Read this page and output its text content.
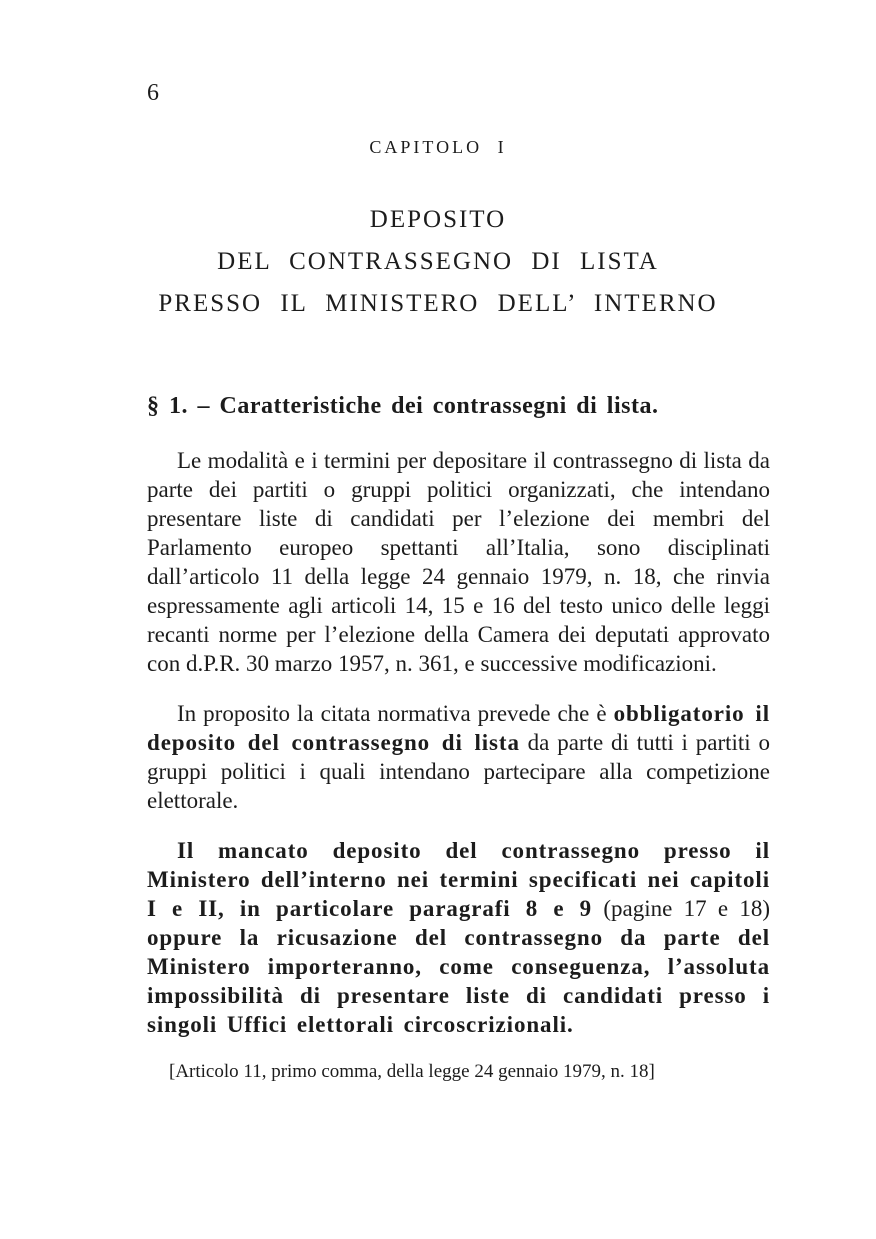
6
CAPITOLO I
DEPOSITO
DEL CONTRASSEGNO DI LISTA
PRESSO IL MINISTERO DELL’ INTERNO
§ 1. – Caratteristiche dei contrassegni di lista.

Le modalità e i termini per depositare il contrassegno di lista da parte dei partiti o gruppi politici organizzati, che intendano presentare liste di candidati per l’elezione dei membri del Parlamento europeo spettanti all’Italia, sono disciplinati dall’articolo 11 della legge 24 gennaio 1979, n. 18, che rinvia espressamente agli articoli 14, 15 e 16 del testo unico delle leggi recanti norme per l’elezione della Camera dei deputati approvato con d.P.R. 30 marzo 1957, n. 361, e successive modificazioni.

In proposito la citata normativa prevede che è obbligatorio il deposito del contrassegno di lista da parte di tutti i partiti o gruppi politici i quali intendano partecipare alla competizione elettorale.

Il mancato deposito del contrassegno presso il Ministero dell’interno nei termini specificati nei capitoli I e II, in particolare paragrafi 8 e 9 (pagine 17 e 18) oppure la ricusazione del contrassegno da parte del Ministero importeranno, come conseguenza, l’assoluta impossibilità di presentare liste di candidati presso i singoli Uffici elettorali circoscrizionali.

[Articolo 11, primo comma, della legge 24 gennaio 1979, n. 18]
